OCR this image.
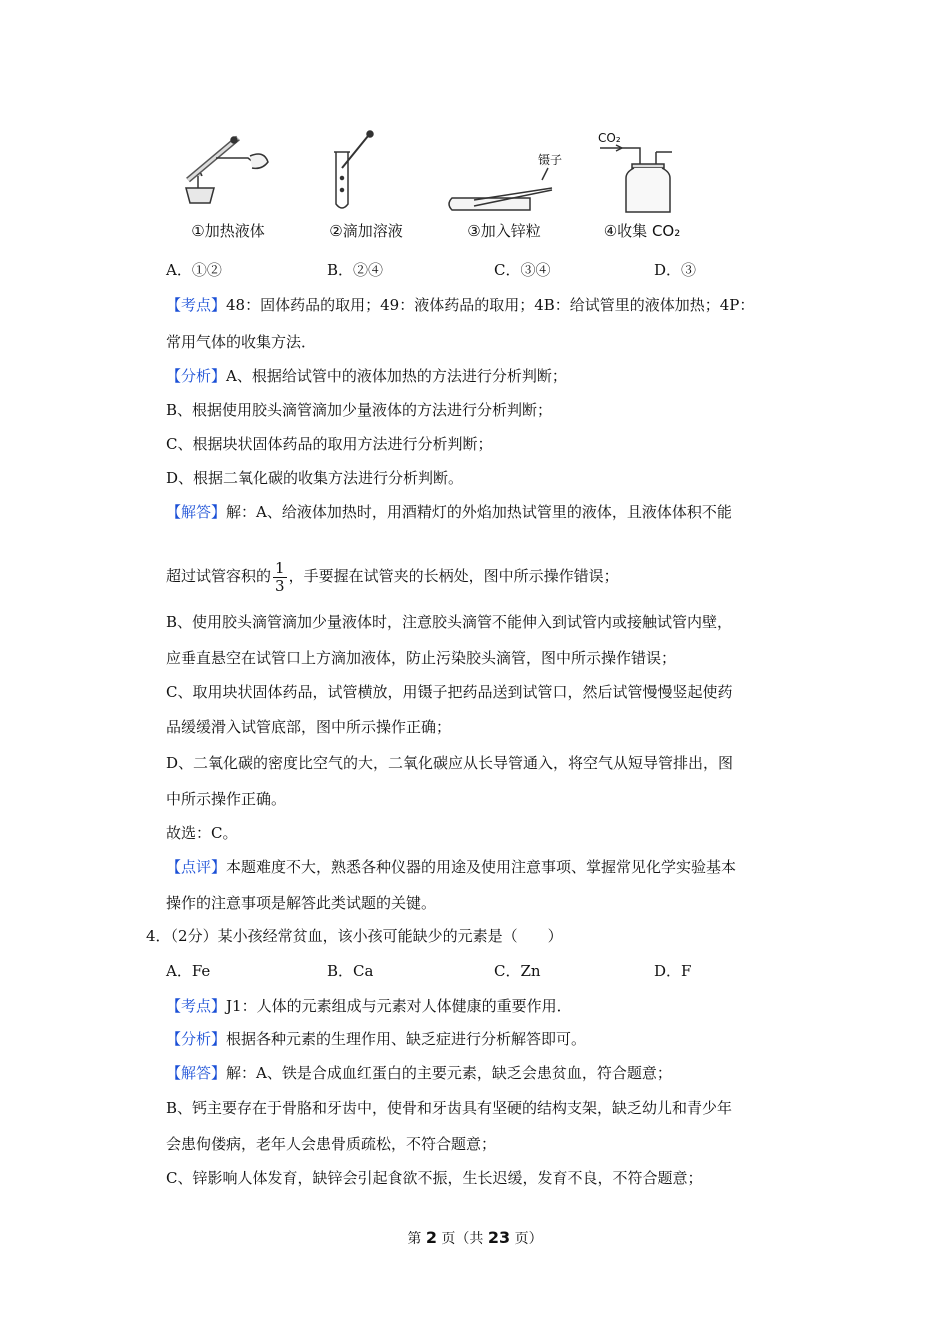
①加热液体	②滴加溶液
镊子
③加入锌粒
CO₂
④收集 CO₂
A．①②	B．②④	C．③④	D．③
【考点】48：固体药品的取用；49：液体药品的取用；4B：给试管里的液体加热；4P：
常用气体的收集方法．
【分析】A、根据给试管中的液体加热的方法进行分析判断；
B、根据使用胶头滴管滴加少量液体的方法进行分析判断；
C、根据块状固体药品的取用方法进行分析判断；
D、根据二氧化碳的收集方法进行分析判断。
【解答】解：A、给液体加热时，用酒精灯的外焰加热试管里的液体，且液体体积不能
超过试管容积的 $\frac{1}{3}$ ，手要握在试管夹的长柄处，图中所示操作错误；
B、使用胶头滴管滴加少量液体时，注意胶头滴管不能伸入到试管内或接触试管内壁，
应垂直悬空在试管口上方滴加液体，防止污染胶头滴管，图中所示操作错误；
C、取用块状固体药品，试管横放，用镊子把药品送到试管口，然后试管慢慢竖起使药
品缓缓滑入试管底部，图中所示操作正确；
D、二氧化碳的密度比空气的大，二氧化碳应从长导管通入，将空气从短导管排出，图
中所示操作正确。
故选：C。
【点评】本题难度不大，熟悉各种仪器的用途及使用注意事项、掌握常见化学实验基本
操作的注意事项是解答此类试题的关键。
4．（2分）某小孩经常贫血，该小孩可能缺少的元素是（　　）
A．Fe	B．Ca	C．Zn	D．F
【考点】J1：人体的元素组成与元素对人体健康的重要作用．
【分析】根据各种元素的生理作用、缺乏症进行分析解答即可。
【解答】解：A、铁是合成血红蛋白的主要元素，缺乏会患贫血，符合题意；
B、钙主要存在于骨胳和牙齿中，使骨和牙齿具有坚硬的结构支架，缺乏幼儿和青少年
会患佝偻病，老年人会患骨质疏松，不符合题意；
C、锌影响人体发育，缺锌会引起食欲不振，生长迟缓，发育不良，不符合题意；
第 2 页（共 23 页）
